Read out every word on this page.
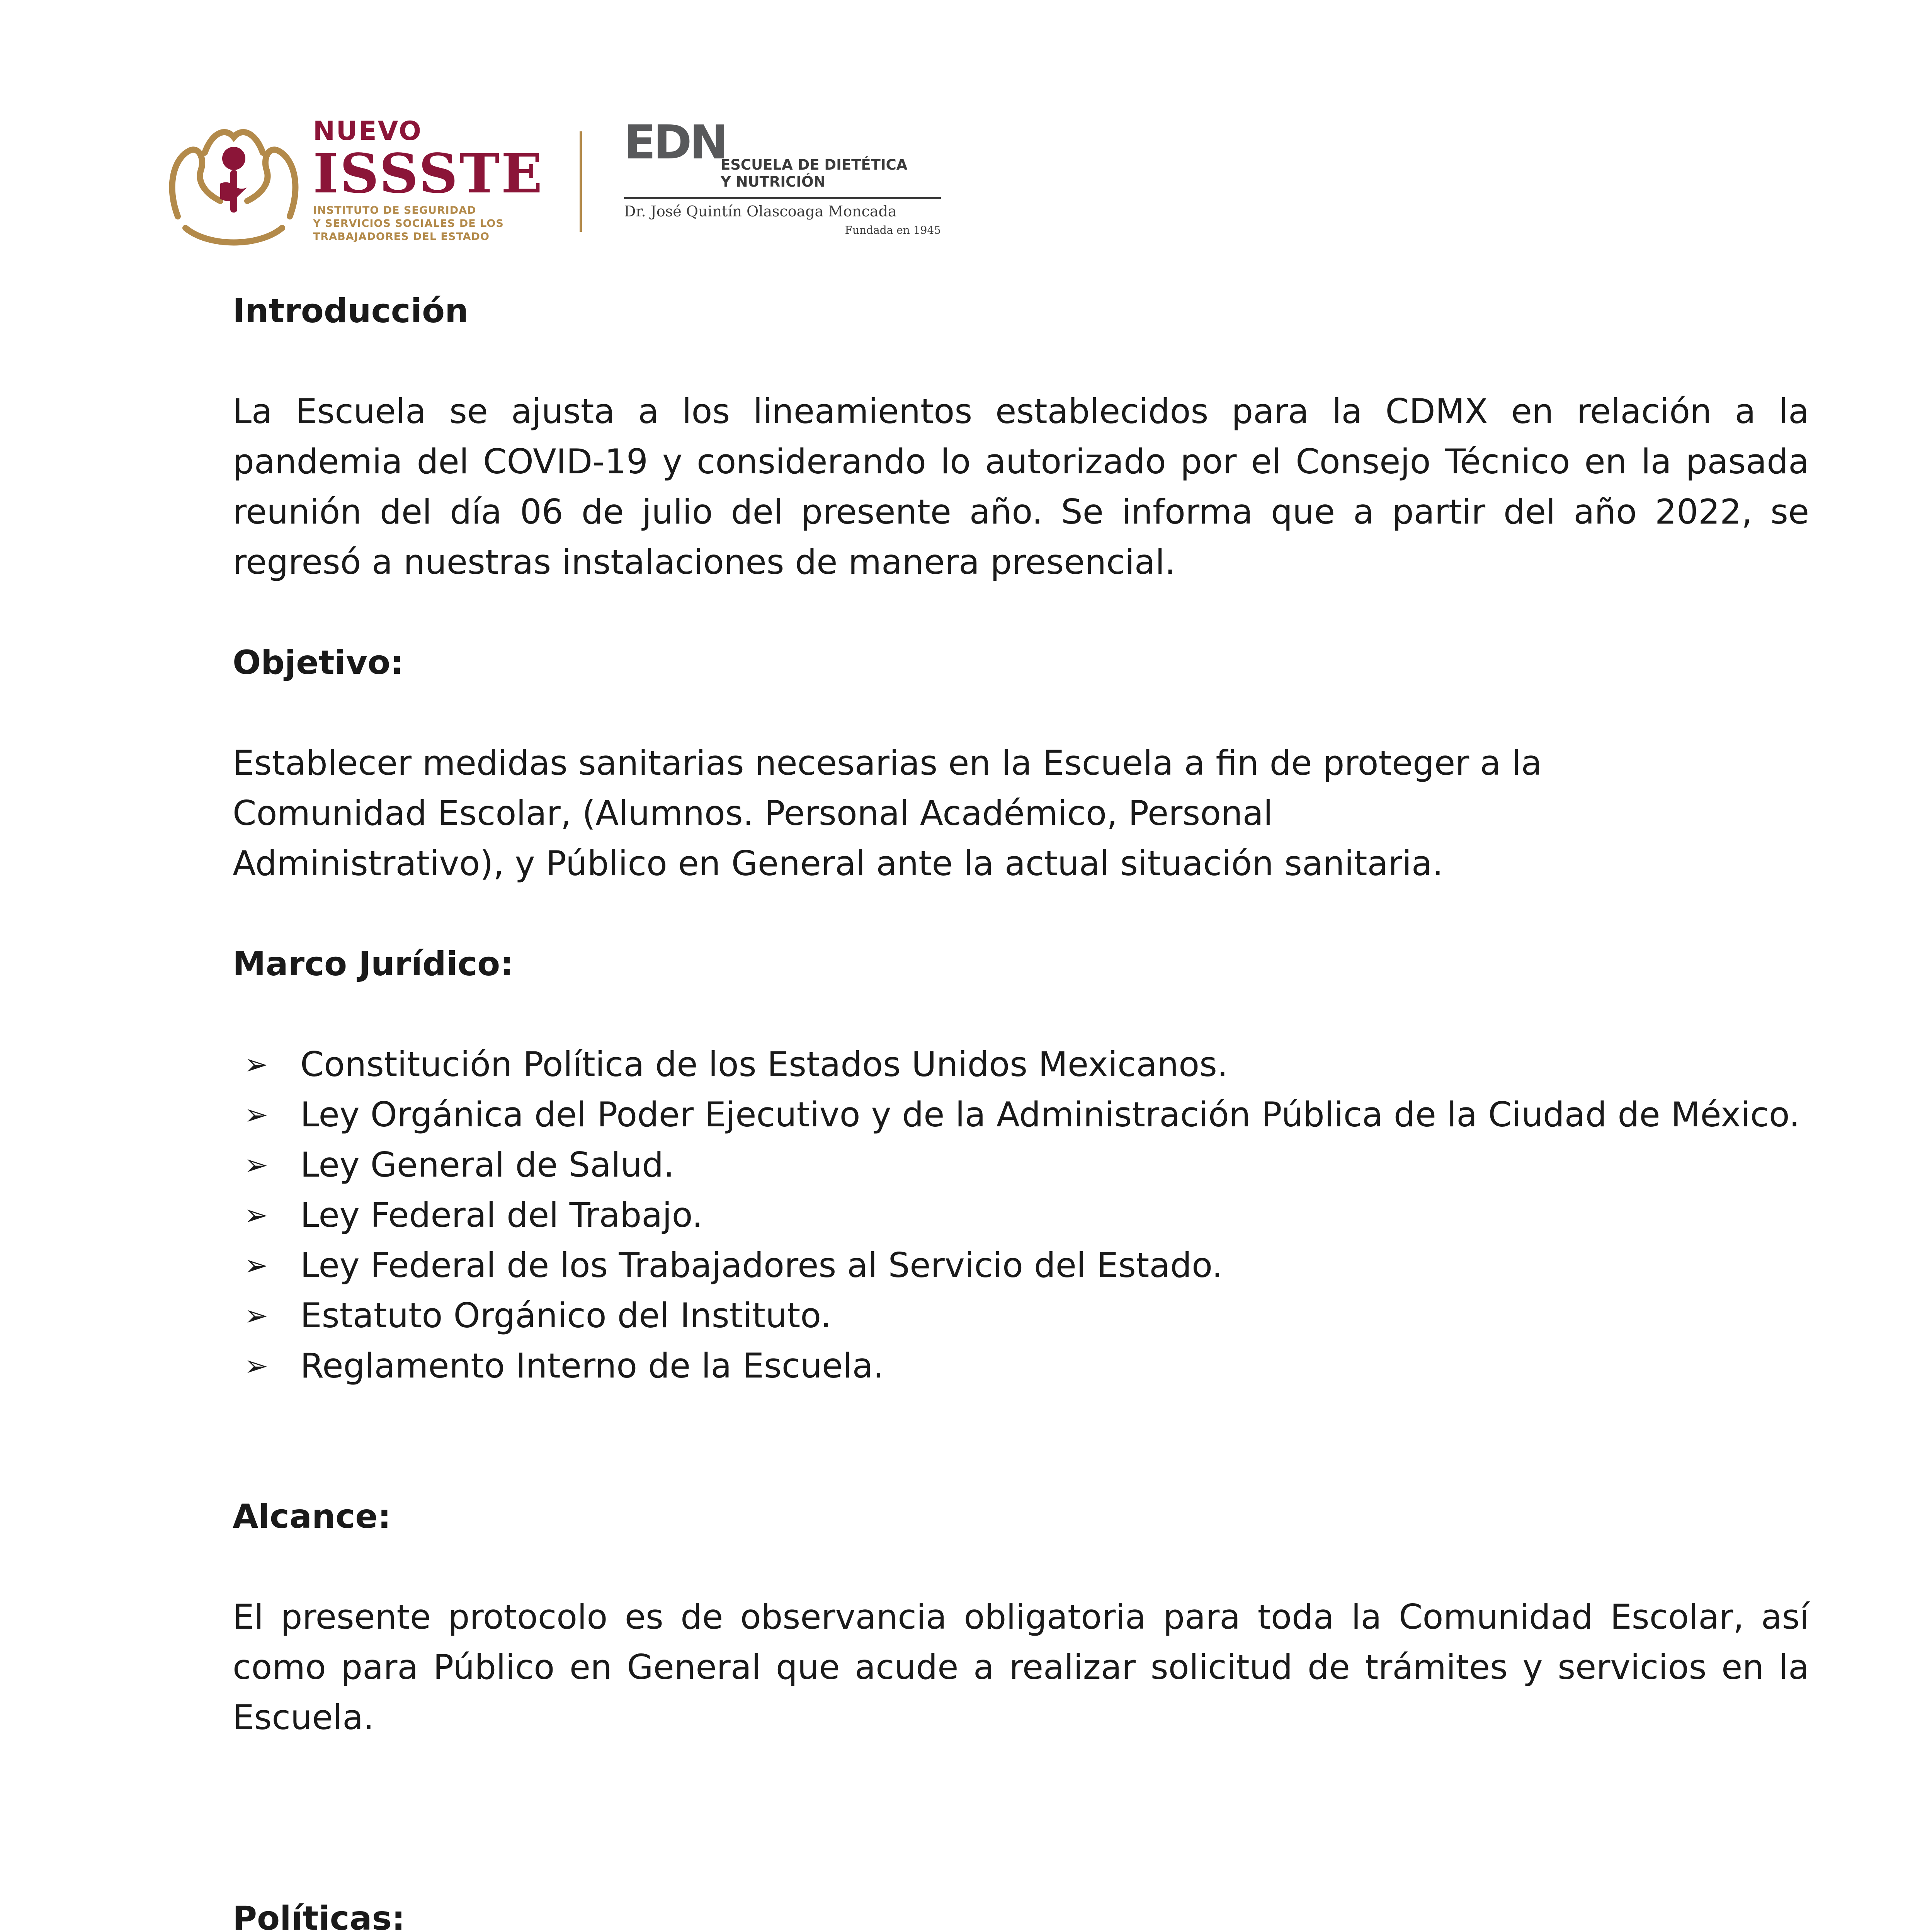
NUEVO
ISSSTE
INSTITUTO DE SEGURIDAD
Y SERVICIOS SOCIALES DE LOS
TRABAJADORES DEL ESTADO
EDN
ESCUELA DE DIETÉTICA
Y NUTRICIÓN
Dr. José Quintín Olascoaga Moncada
Fundada en 1945

Introducción

La Escuela se ajusta a los lineamientos establecidos para la CDMX en relación a la pandemia del COVID-19 y considerando lo autorizado por el Consejo Técnico en la pasada reunión del día 06 de julio del presente año. Se informa que a partir del año 2022, se regresó a nuestras instalaciones de manera presencial.

Objetivo:

Establecer medidas sanitarias necesarias en la Escuela a fin de proteger a la

Comunidad Escolar, (Alumnos. Personal Académico, Personal

Administrativo), y Público en General ante la actual situación sanitaria.

Marco Jurídico:

➢ Constitución Política de los Estados Unidos Mexicanos.
➢ Ley Orgánica del Poder Ejecutivo y de la Administración Pública de la Ciudad de México.
➢ Ley General de Salud.
➢ Ley Federal del Trabajo.
➢ Ley Federal de los Trabajadores al Servicio del Estado.
➢ Estatuto Orgánico del Instituto.
➢ Reglamento Interno de la Escuela.

Alcance:

El presente protocolo es de observancia obligatoria para toda la Comunidad Escolar, así como para Público en General que acude a realizar solicitud de trámites y servicios en la Escuela.

Políticas:
